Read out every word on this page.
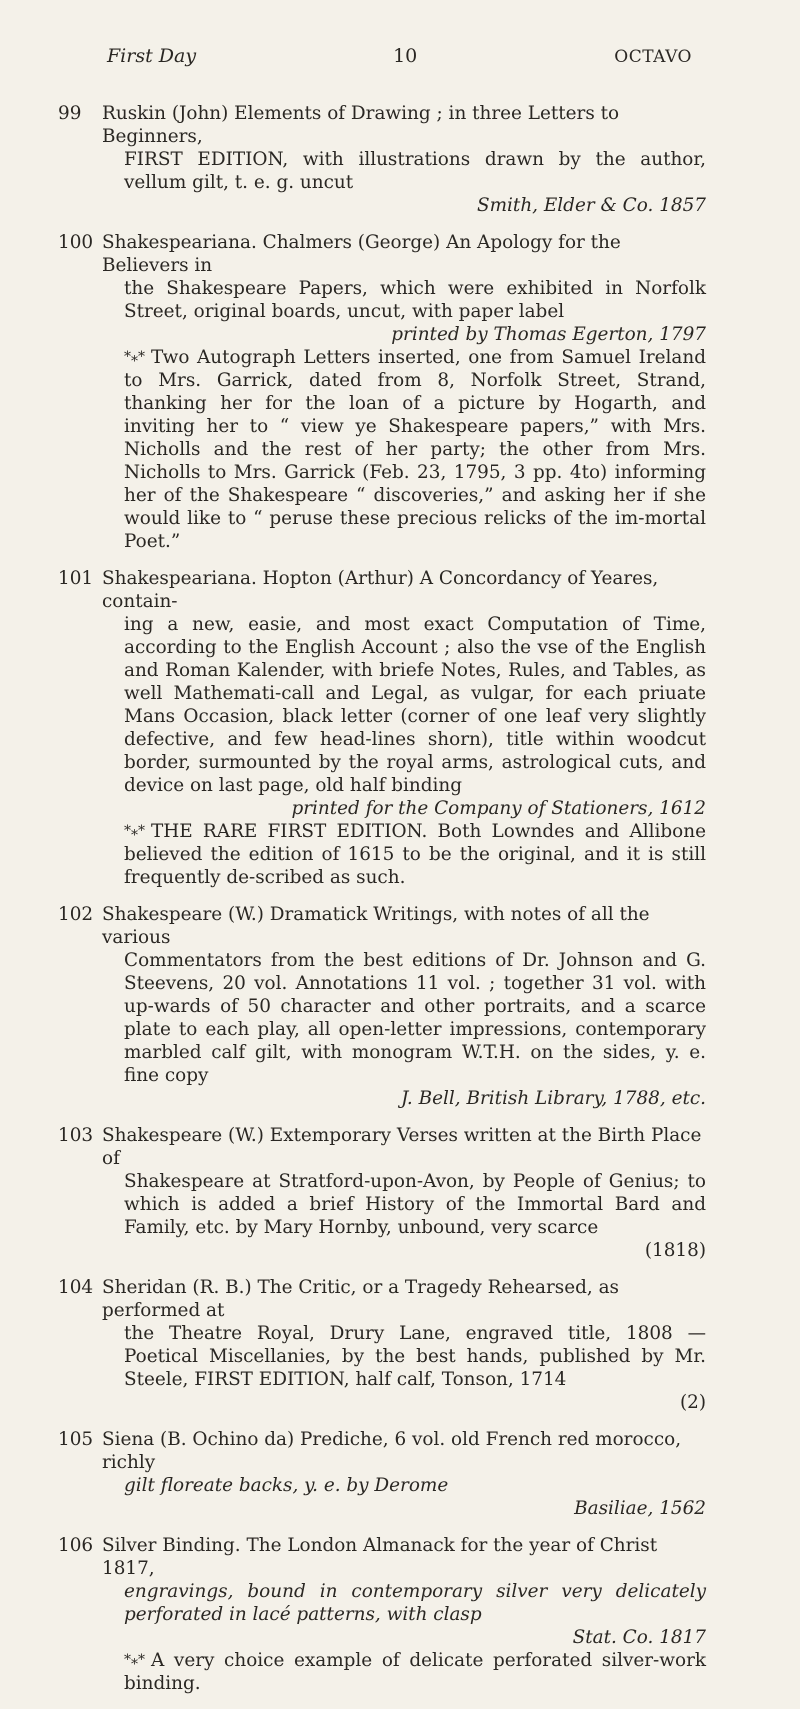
First Day	10	OCTAVO
99	Ruskin (John) Elements of Drawing ; in three Letters to Beginners,

FIRST EDITION, with illustrations drawn by the author, vellum gilt, t. e. g. uncut

Smith, Elder & Co. 1857

100 Shakespeariana. Chalmers (George) An Apology for the Believers in

the Shakespeare Papers, which were exhibited in Norfolk Street, original boards, uncut, with paper label

printed by Thomas Egerton, 1797

*⁎* Two Autograph Letters inserted, one from Samuel Ireland to Mrs. Garrick, dated from 8, Norfolk Street, Strand, thanking her for the loan of a picture by Hogarth, and inviting her to “ view ye Shakespeare papers,” with Mrs. Nicholls and the rest of her party; the other from Mrs. Nicholls to Mrs. Garrick (Feb. 23, 1795, 3 pp. 4to) informing her of the Shakespeare “ discoveries,” and asking her if she would like to “ peruse these precious relicks of the im-mortal Poet.”

101 Shakespeariana. Hopton (Arthur) A Concordancy of Yeares, contain-

ing a new, easie, and most exact Computation of Time, according to the English Account ; also the vse of the English and Roman Kalender, with briefe Notes, Rules, and Tables, as well Mathemati-call and Legal, as vulgar, for each priuate Mans Occasion, black letter (corner of one leaf very slightly defective, and few head-lines shorn), title within woodcut border, surmounted by the royal arms, astrological cuts, and device on last page, old half binding

printed for the Company of Stationers, 1612

*⁎* THE RARE FIRST EDITION. Both Lowndes and Allibone believed the edition of 1615 to be the original, and it is still frequently de-scribed as such.

102 Shakespeare (W.) Dramatick Writings, with notes of all the various

Commentators from the best editions of Dr. Johnson and G. Steevens, 20 vol. Annotations 11 vol. ; together 31 vol. with up-wards of 50 character and other portraits, and a scarce plate to each play, all open-letter impressions, contemporary marbled calf gilt, with monogram W.T.H. on the sides, y. e. fine copy

J. Bell, British Library, 1788, etc.

103 Shakespeare (W.) Extemporary Verses written at the Birth Place of

Shakespeare at Stratford-upon-Avon, by People of Genius; to which is added a brief History of the Immortal Bard and Family, etc. by Mary Hornby, unbound, very scarce

(1818)

104 Sheridan (R. B.) The Critic, or a Tragedy Rehearsed, as performed at

the Theatre Royal, Drury Lane, engraved title, 1808 — Poetical Miscellanies, by the best hands, published by Mr. Steele, FIRST EDITION, half calf, Tonson, 1714

(2)

105 Siena (B. Ochino da) Prediche, 6 vol. old French red morocco, richly

gilt floreate backs, y. e. by Derome

Basiliae, 1562

106 Silver Binding. The London Almanack for the year of Christ 1817,

engravings, bound in contemporary silver very delicately perforated in lacé patterns, with clasp

Stat. Co. 1817

*⁎* A very choice example of delicate perforated silver-work binding.
